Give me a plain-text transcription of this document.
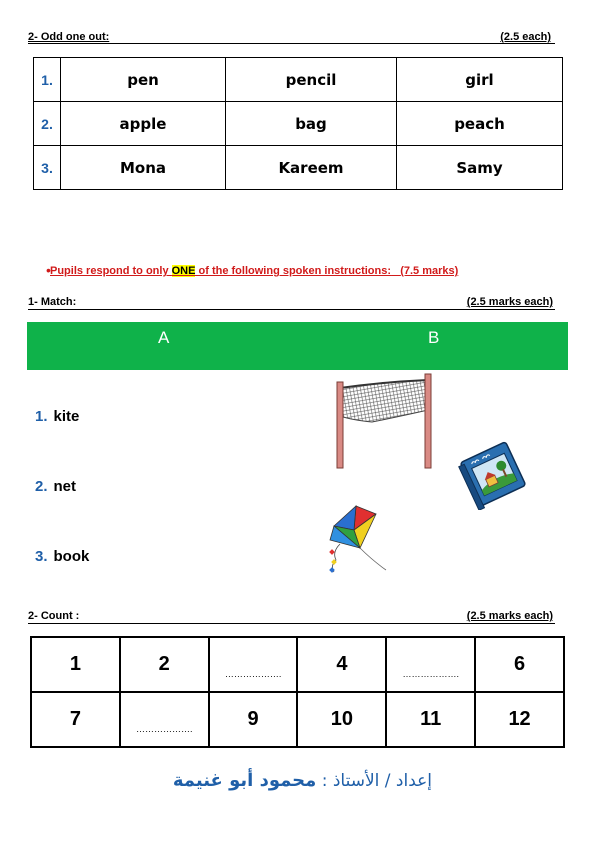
2- Odd one out:	(2.5 each)
1.	pen	pencil	girl
2.	apple	bag	peach
3.	Mona	Kareem	Samy
• Pupils respond to only ONE of the following spoken instructions: (7.5 marks)
1- Match:	(2.5 marks each)
A	B
1. kite
2. net
3. book
2- Count :	(2.5 marks each)
1	2	……………….	4	……………….	6
7	……………….	9	10	11	12
إعداد / الأستاذ : محمود أبو غنيمة
